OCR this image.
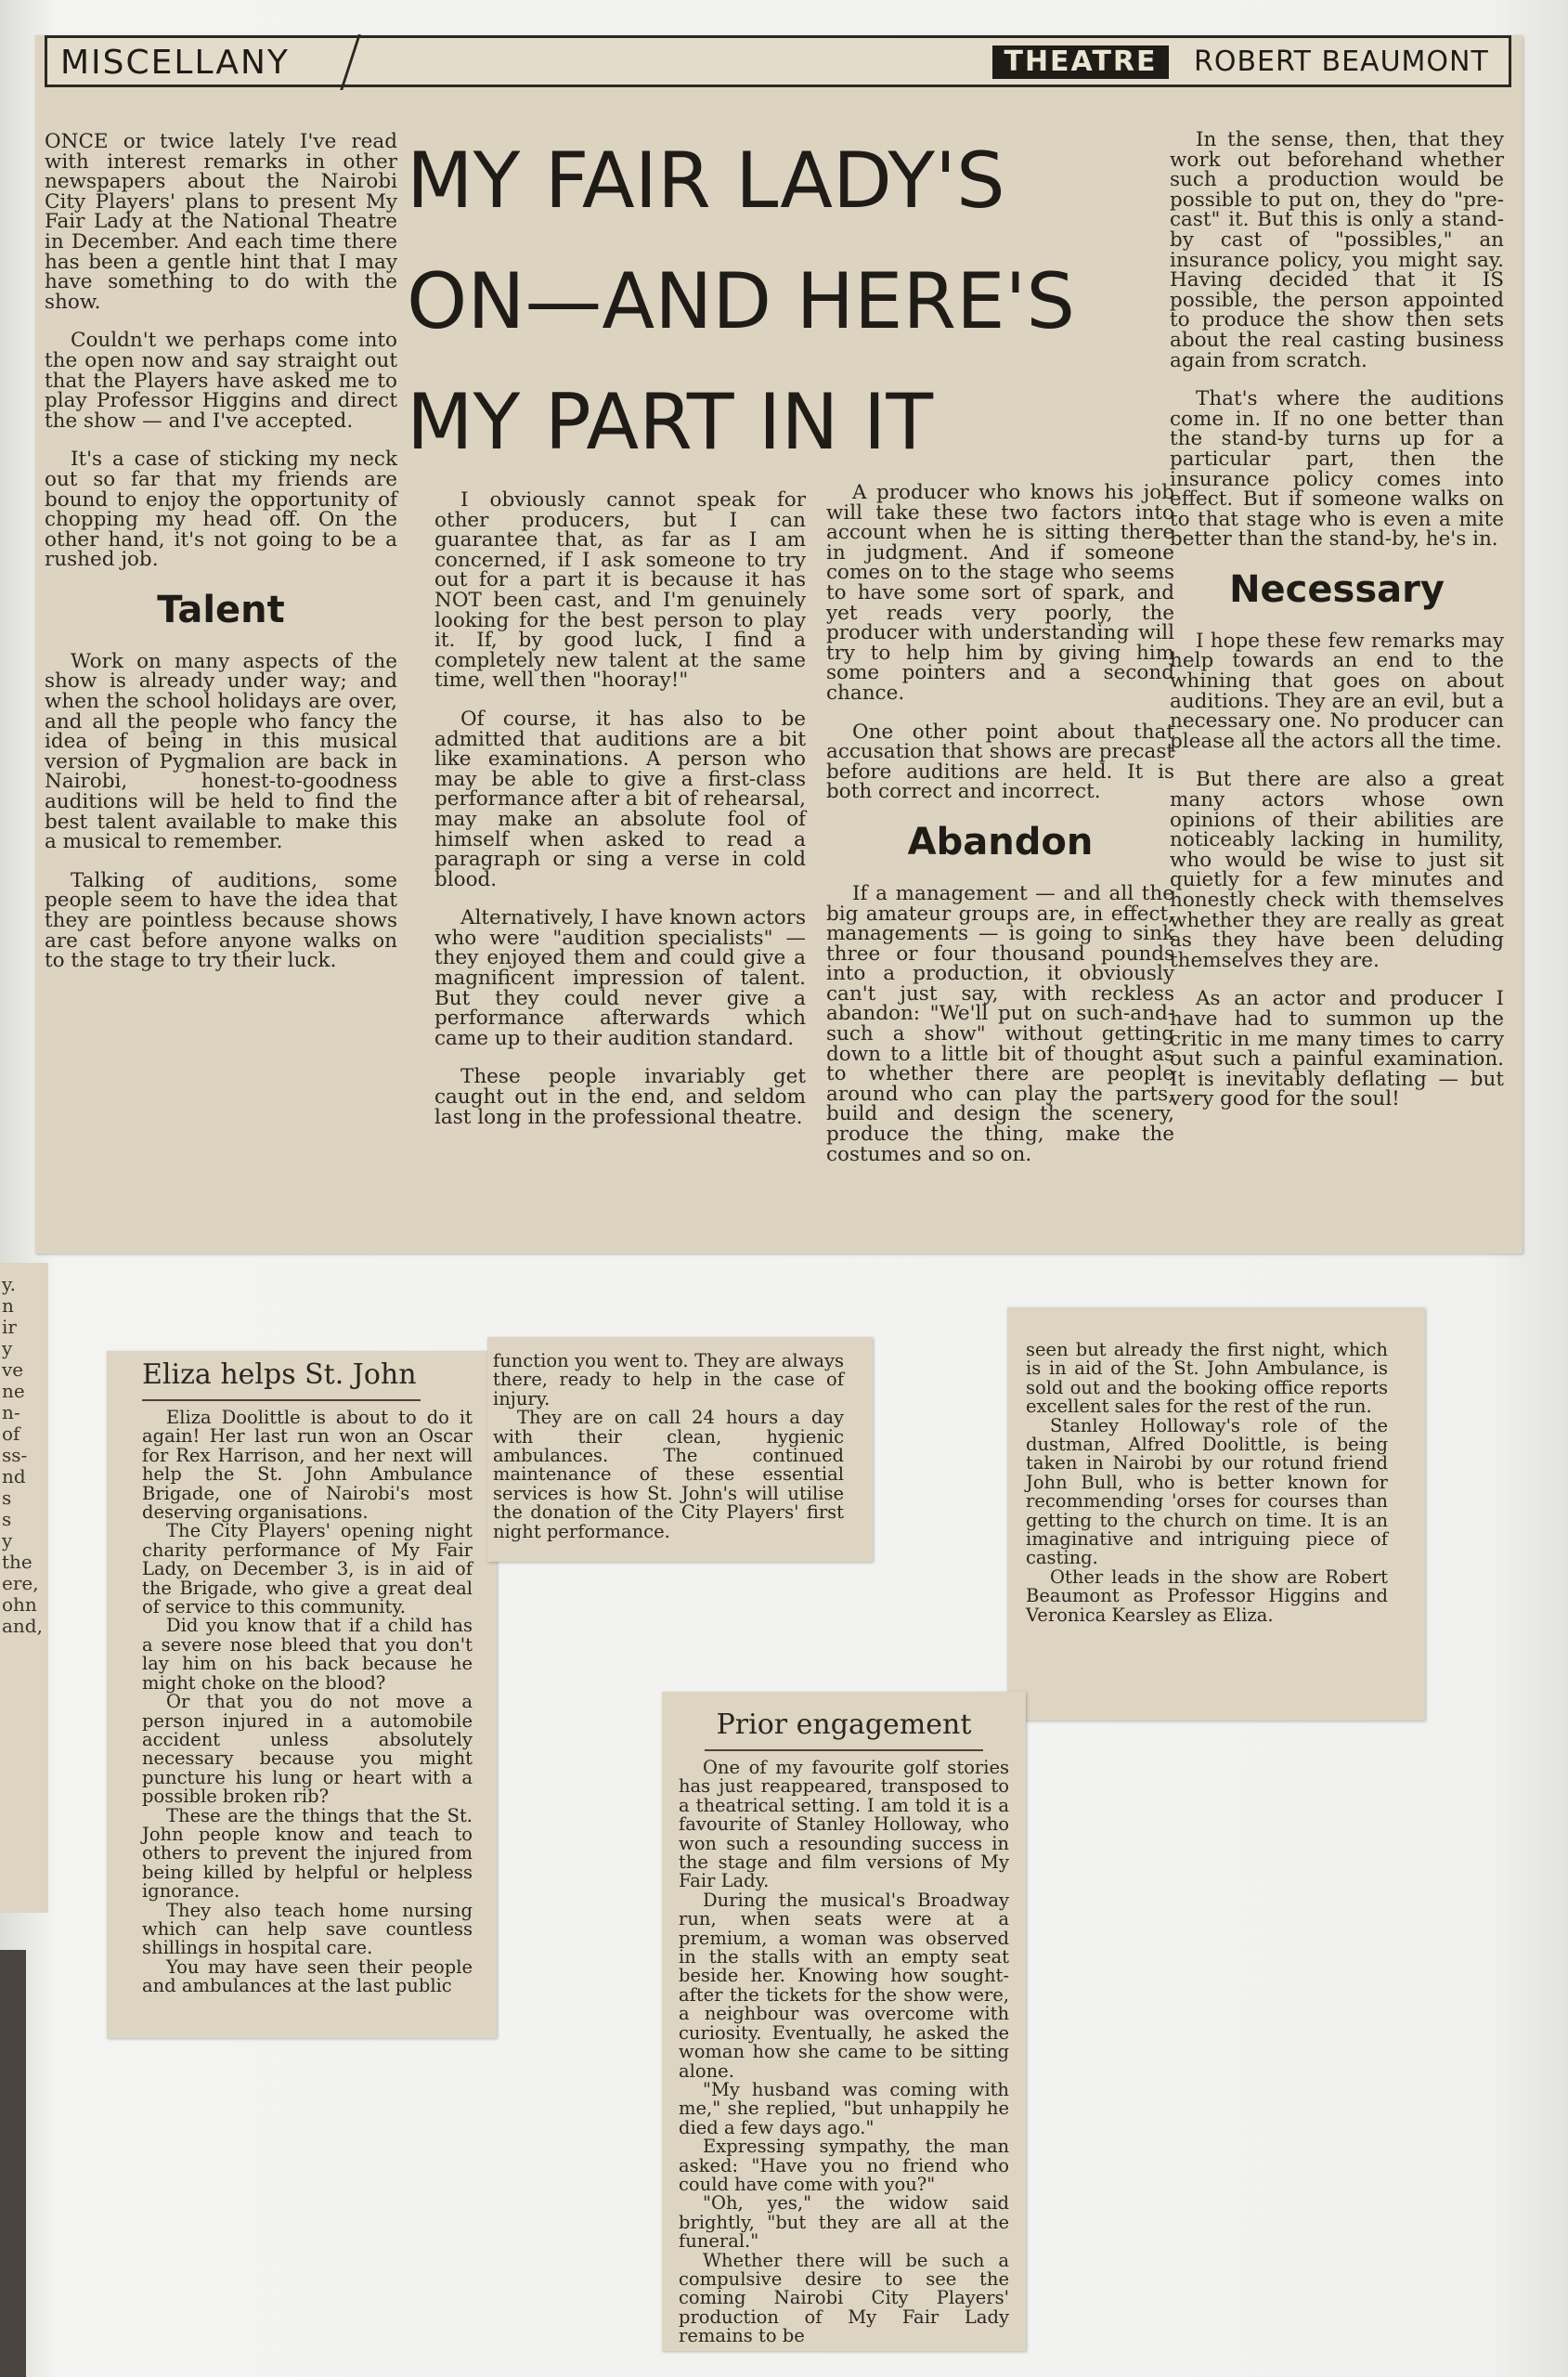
y.
n
ir
y
ve
ne
n-
of
ss-
nd
s
s
y
the
ere,
ohn
and,
MISCELLANY	THEATRE	ROBERT BEAUMONT
MY FAIR LADY'S
ON—AND HERE'S
MY PART IN IT

ONCE or twice lately I've read with interest remarks in other newspapers about the Nairobi City Players' plans to present My Fair Lady at the National Theatre in December. And each time there has been a gentle hint that I may have something to do with the show.

Couldn't we perhaps come into the open now and say straight out that the Players have asked me to play Professor Higgins and direct the show — and I've accepted.

It's a case of sticking my neck out so far that my friends are bound to enjoy the opportunity of chopping my head off. On the other hand, it's not going to be a rushed job.

Talent

Work on many aspects of the show is already under way; and when the school holidays are over, and all the people who fancy the idea of being in this musical version of Pygmalion are back in Nairobi, honest-to-goodness auditions will be held to find the best talent available to make this a musical to remember.

Talking of auditions, some people seem to have the idea that they are pointless because shows are cast before anyone walks on to the stage to try their luck.

I obviously cannot speak for other producers, but I can guarantee that, as far as I am concerned, if I ask someone to try out for a part it is because it has NOT been cast, and I'm genuinely looking for the best person to play it. If, by good luck, I find a completely new talent at the same time, well then "hooray!"

Of course, it has also to be admitted that auditions are a bit like examinations. A person who may be able to give a first-class performance after a bit of rehearsal, may make an absolute fool of himself when asked to read a paragraph or sing a verse in cold blood.

Alternatively, I have known actors who were "audition specialists" — they enjoyed them and could give a magnificent impression of talent. But they could never give a performance afterwards which came up to their audition standard.

These people invariably get caught out in the end, and seldom last long in the professional theatre.

A producer who knows his job will take these two factors into account when he is sitting there in judgment. And if someone comes on to the stage who seems to have some sort of spark, and yet reads very poorly, the producer with understanding will try to help him by giving him some pointers and a second chance.

One other point about that accusation that shows are precast before auditions are held. It is both correct and incorrect.

Abandon

If a management — and all the big amateur groups are, in effect, managements — is going to sink three or four thousand pounds into a production, it obviously can't just say, with reckless abandon: "We'll put on such-and-such a show" without getting down to a little bit of thought as to whether there are people around who can play the parts, build and design the scenery, produce the thing, make the costumes and so on.

In the sense, then, that they work out beforehand whether such a production would be possible to put on, they do "pre-cast" it. But this is only a stand-by cast of "possibles," an insurance policy, you might say. Having decided that it IS possible, the person appointed to produce the show then sets about the real casting business again from scratch.

That's where the auditions come in. If no one better than the stand-by turns up for a particular part, then the insurance policy comes into effect. But if someone walks on to that stage who is even a mite better than the stand-by, he's in.

Necessary

I hope these few remarks may help towards an end to the whining that goes on about auditions. They are an evil, but a necessary one. No producer can please all the actors all the time.

But there are also a great many actors whose own opinions of their abilities are noticeably lacking in humility, who would be wise to just sit quietly for a few minutes and honestly check with themselves whether they are really as great as they have been deluding themselves they are.

As an actor and producer I have had to summon up the critic in me many times to carry out such a painful examination. It is inevitably deflating — but very good for the soul!

Eliza helps St. John

Eliza Doolittle is about to do it again! Her last run won an Oscar for Rex Harrison, and her next will help the St. John Ambulance Brigade, one of Nairobi's most deserving organisations.

The City Players' opening night charity performance of My Fair Lady, on December 3, is in aid of the Brigade, who give a great deal of service to this community.

Did you know that if a child has a severe nose bleed that you don't lay him on his back because he might choke on the blood?

Or that you do not move a person injured in a automobile accident unless absolutely necessary because you might puncture his lung or heart with a possible broken rib?

These are the things that the St. John people know and teach to others to prevent the injured from being killed by helpful or helpless ignorance.

They also teach home nursing which can help save countless shillings in hospital care.

You may have seen their people and ambulances at the last public

function you went to. They are always there, ready to help in the case of injury.

They are on call 24 hours a day with their clean, hygienic ambulances. The continued maintenance of these essential services is how St. John's will utilise the donation of the City Players' first night performance.

seen but already the first night, which is in aid of the St. John Ambulance, is sold out and the booking office reports excellent sales for the rest of the run.

Stanley Holloway's role of the dustman, Alfred Doolittle, is being taken in Nairobi by our rotund friend John Bull, who is better known for recommending 'orses for courses than getting to the church on time. It is an imaginative and intriguing piece of casting.

Other leads in the show are Robert Beaumont as Professor Higgins and Veronica Kearsley as Eliza.

Prior engagement

One of my favourite golf stories has just reappeared, transposed to a theatrical setting. I am told it is a favourite of Stanley Holloway, who won such a resounding success in the stage and film versions of My Fair Lady.

During the musical's Broadway run, when seats were at a premium, a woman was observed in the stalls with an empty seat beside her. Knowing how sought-after the tickets for the show were, a neighbour was overcome with curiosity. Eventually, he asked the woman how she came to be sitting alone.

"My husband was coming with me," she replied, "but unhappily he died a few days ago."

Expressing sympathy, the man asked: "Have you no friend who could have come with you?"

"Oh, yes," the widow said brightly, "but they are all at the funeral."

Whether there will be such a compulsive desire to see the coming Nairobi City Players' production of My Fair Lady remains to be
